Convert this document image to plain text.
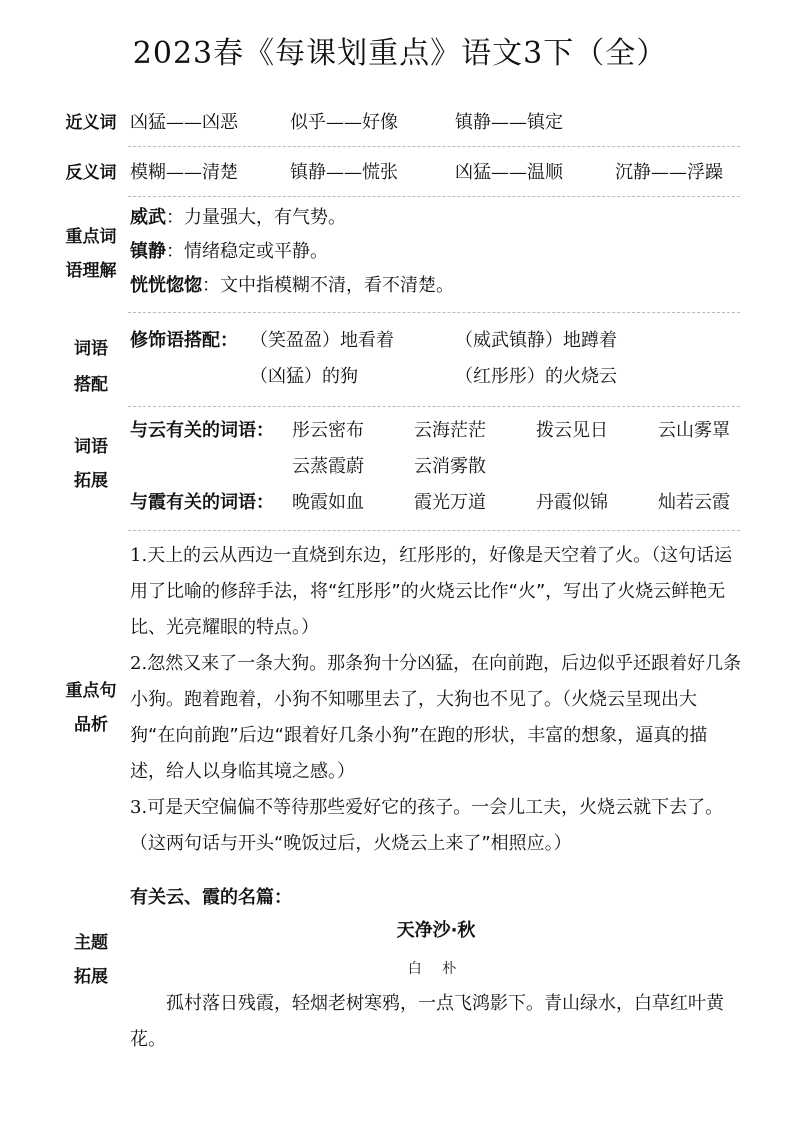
2023春《每课划重点》语文3下（全）
近义词 凶猛——凶恶	似乎——好像	镇静——镇定
反义词 模糊——清楚	镇静——慌张	凶猛——温顺	沉静——浮躁
重点词
语理解
威武：力量强大，有气势。
镇静：情绪稳定或平静。
恍恍惚惚：文中指模糊不清，看不清楚。
词语
搭配
修饰语搭配： （笑盈盈）地看着	（威武镇静）地蹲着
（凶猛）的狗	（红彤彤）的火烧云
词语
拓展
与云有关的词语： 彤云密布	云海茫茫	拨云见日	云山雾罩
云蒸霞蔚	云消雾散
与霞有关的词语： 晚霞如血	霞光万道	丹霞似锦	灿若云霞
重点句
品析
1.天上的云从西边一直烧到东边，红彤彤的，好像是天空着了火。（这句话运用了比喻的修辞手法，将“红彤彤”的火烧云比作“火”，写出了火烧云鲜艳无比、光亮耀眼的特点。）
2.忽然又来了一条大狗。那条狗十分凶猛，在向前跑，后边似乎还跟着好几条小狗。跑着跑着，小狗不知哪里去了，大狗也不见了。（火烧云呈现出大狗“在向前跑”后边“跟着好几条小狗”在跑的形状，丰富的想象，逼真的描述，给人以身临其境之感。）
3.可是天空偏偏不等待那些爱好它的孩子。一会儿工夫，火烧云就下去了。（这两句话与开头“晚饭过后，火烧云上来了”相照应。）
主题
拓展
有关云、霞的名篇：
天净沙·秋
白 朴
孤村落日残霞，轻烟老树寒鸦，一点飞鸿影下。青山绿水，白草红叶黄花。
